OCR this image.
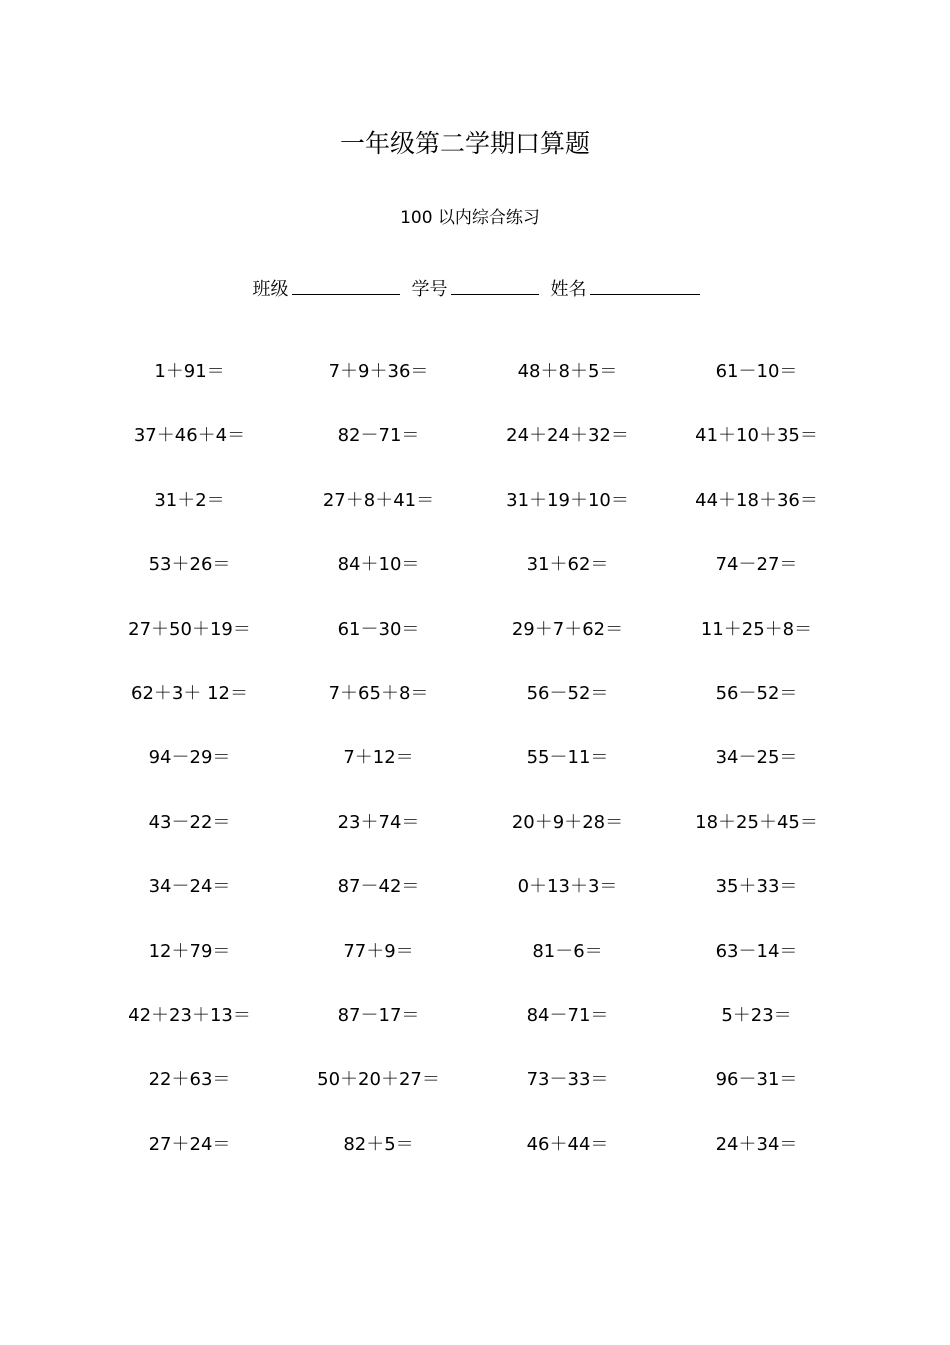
一年级第二学期口算题
100 以内综合练习
班级	学号	姓名
1＋91＝	7＋9＋36＝	48＋8＋5＝	61－10＝
37＋46＋4＝	82－71＝	24＋24＋32＝	41＋10＋35＝
31＋2＝	27＋8＋41＝	31＋19＋10＝	44＋18＋36＝
53＋26＝	84＋10＝	31＋62＝	74－27＝
27＋50＋19＝	61－30＝	29＋7＋62＝	11＋25＋8＝
62＋3＋ 12＝	7＋65＋8＝	56－52＝	56－52＝
94－29＝	7＋12＝	55－11＝	34－25＝
43－22＝	23＋74＝	20＋9＋28＝	18＋25＋45＝
34－24＝	87－42＝	0＋13＋3＝	35＋33＝
12＋79＝	77＋9＝	81－6＝	63－14＝
42＋23＋13＝	87－17＝	84－71＝	5＋23＝
22＋63＝	50＋20＋27＝	73－33＝	96－31＝
27＋24＝	82＋5＝	46＋44＝	24＋34＝
